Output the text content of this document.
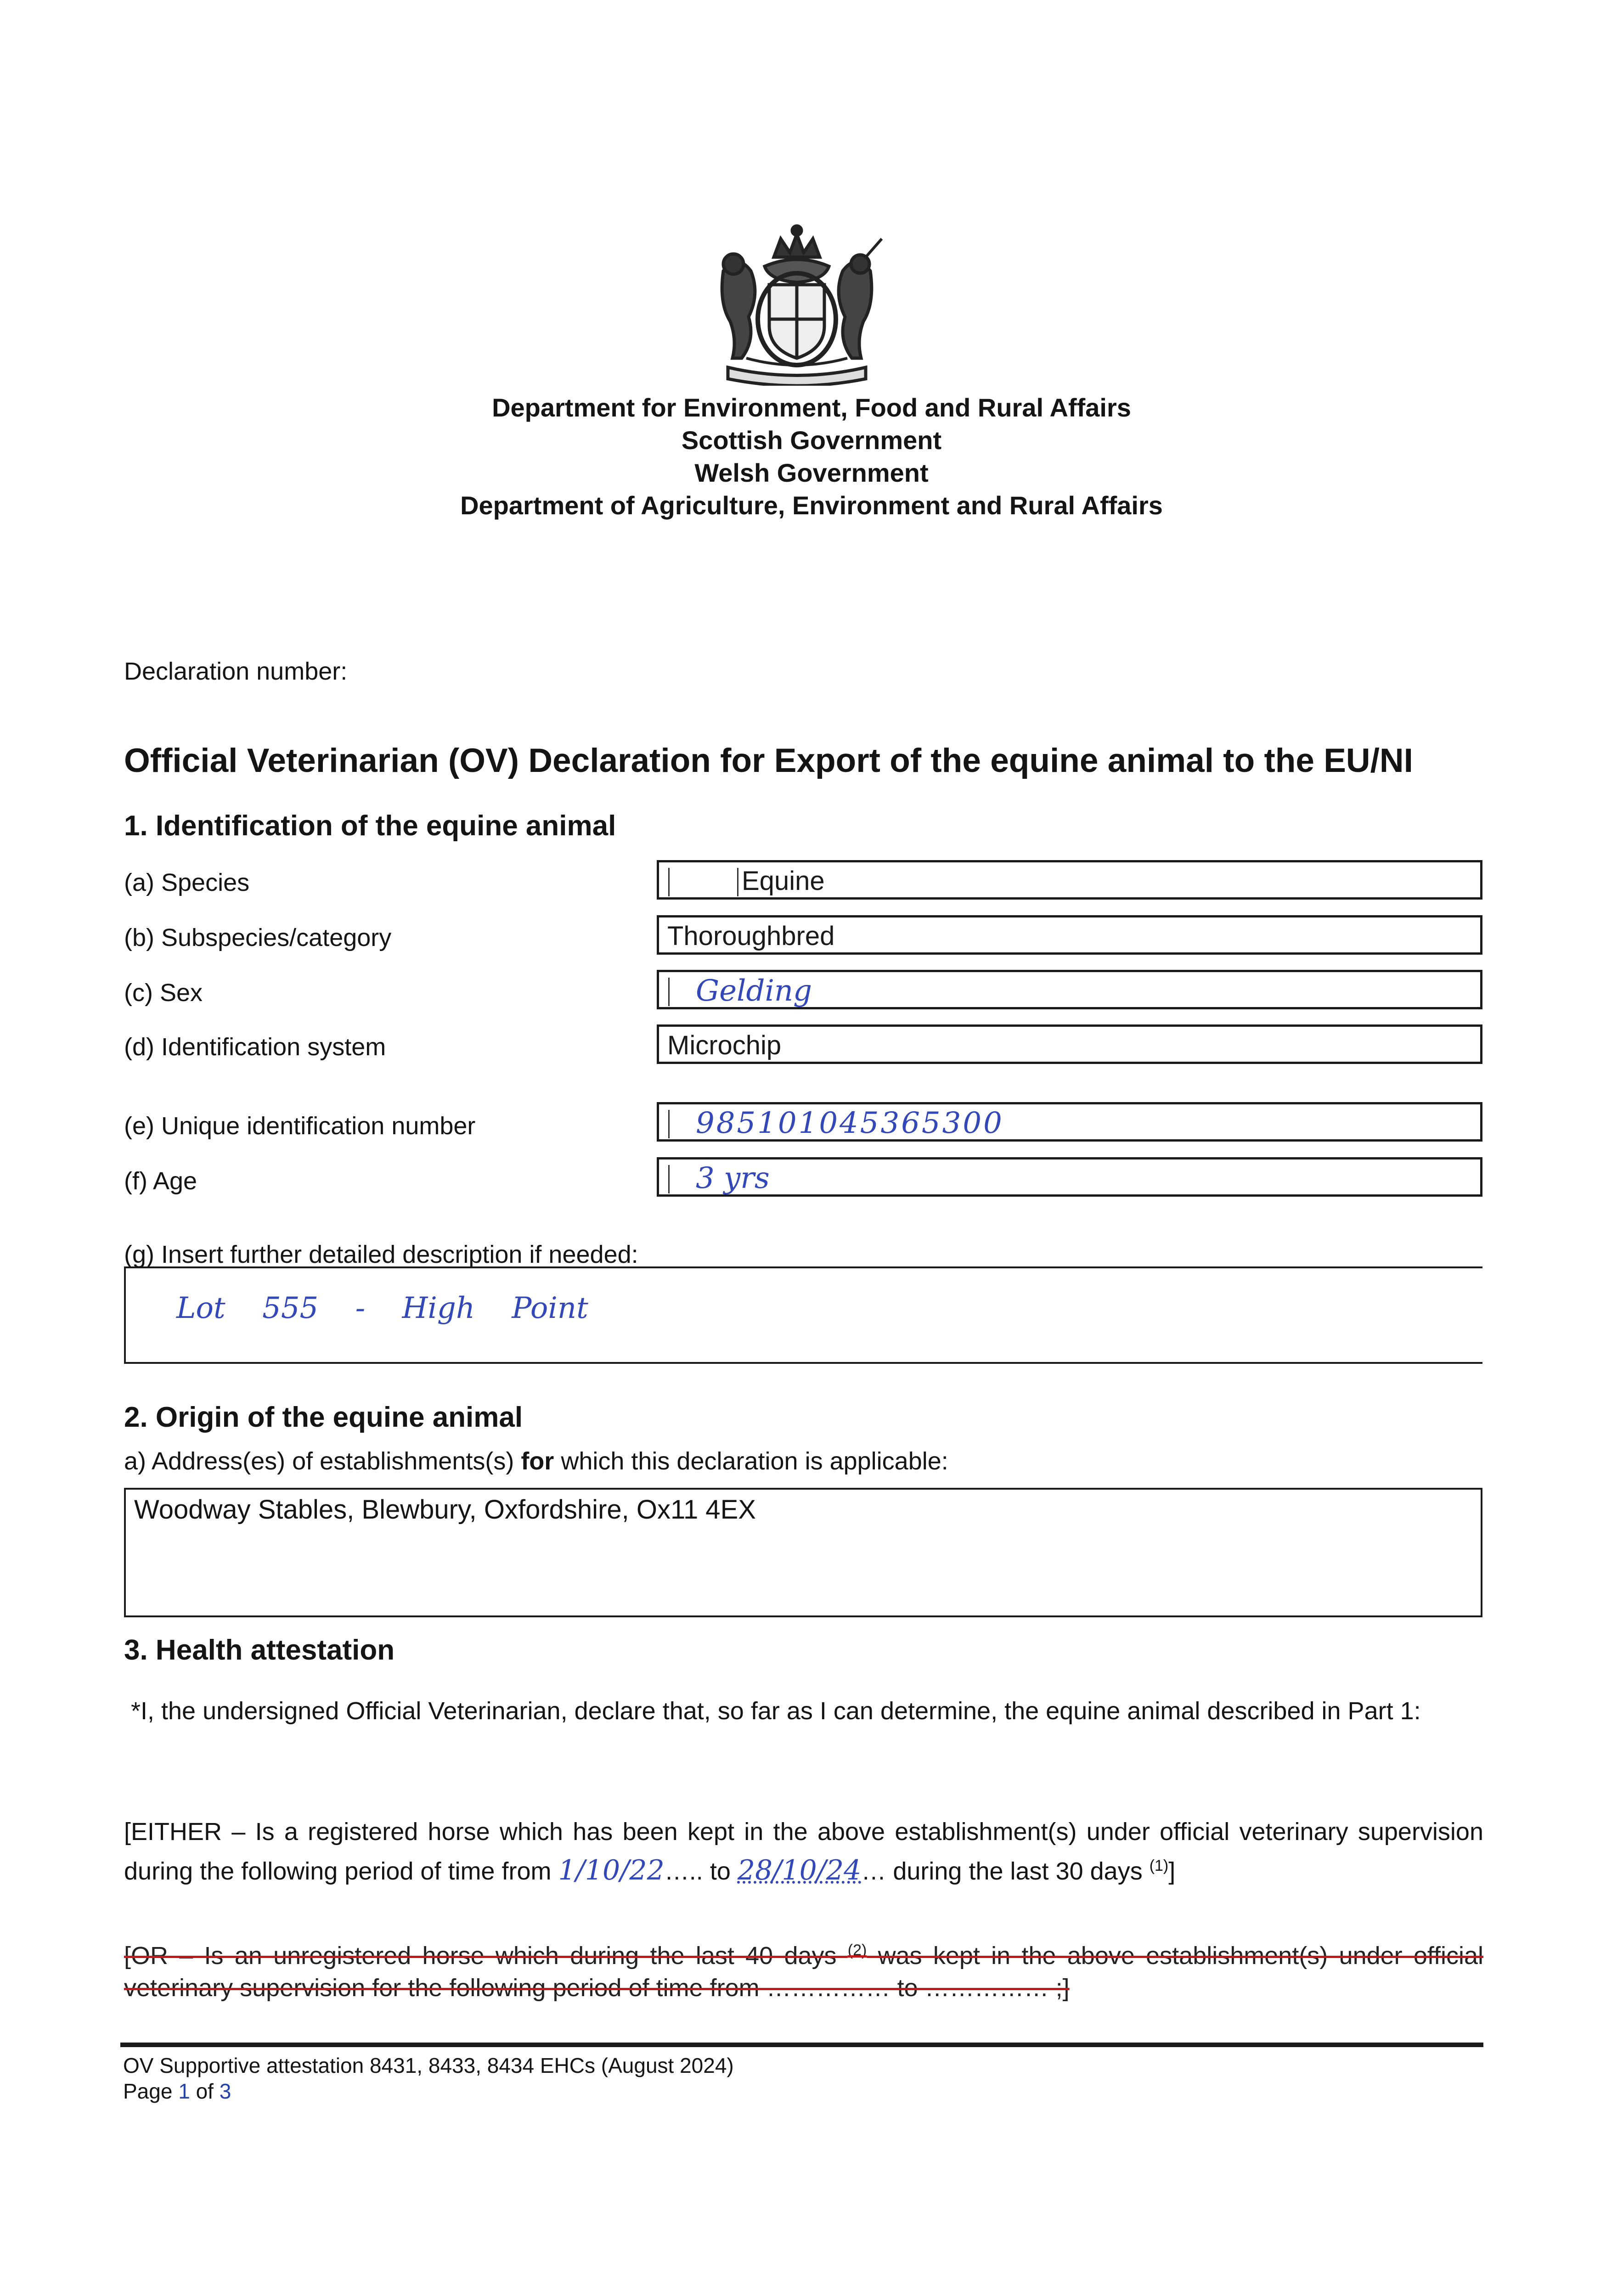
Department for Environment, Food and Rural Affairs
Scottish Government
Welsh Government
Department of Agriculture, Environment and Rural Affairs
Declaration number:
Official Veterinarian (OV) Declaration for Export of the equine animal to the EU/NI
1. Identification of the equine animal
(a) Species	Equine
(b) Subspecies/category	Thoroughbred
(c) Sex	Gelding
(d) Identification system	Microchip
(e) Unique identification number	985101045365300
(f) Age	3 yrs
(g) Insert further detailed description if needed:
Lot 555 - High Point
2. Origin of the equine animal
a) Address(es) of establishments(s) for which this declaration is applicable:
Woodway Stables, Blewbury, Oxfordshire, Ox11 4EX
3. Health attestation
*I, the undersigned Official Veterinarian, declare that, so far as I can determine, the equine animal described in Part 1:
[EITHER – Is a registered horse which has been kept in the above establishment(s) under official veterinary supervision during the following period of time from 1/10/22….. to 28/10/24… during the last 30 days $^{(1)}$]
[OR – Is an unregistered horse which during the last 40 days $^{(2)}$ was kept in the above establishment(s) under official veterinary supervision for the following period of time from …………… to …………… ;]
OV Supportive attestation 8431, 8433, 8434 EHCs (August 2024)
Page 1 of 3
